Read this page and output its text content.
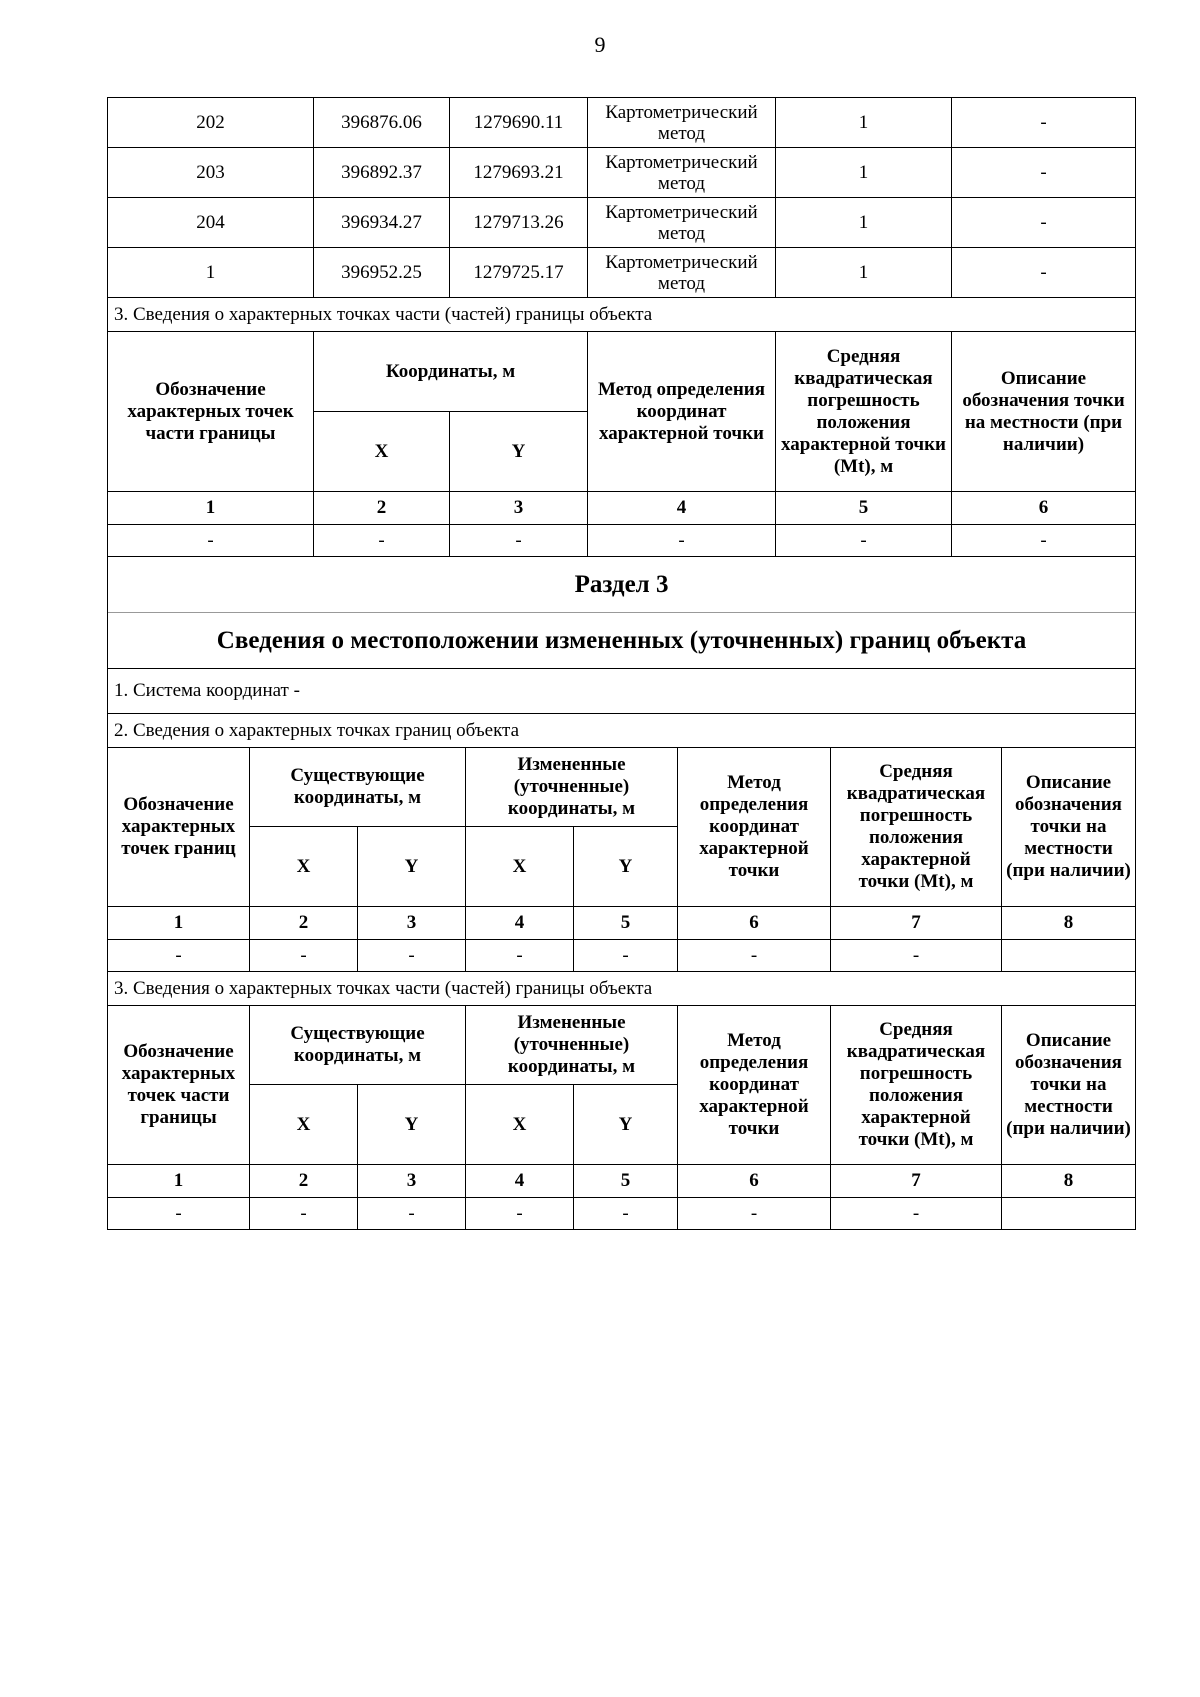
9
202	396876.06	1279690.11	Картометрический метод	1	-
203	396892.37	1279693.21	Картометрический метод	1	-
204	396934.27	1279713.26	Картометрический метод	1	-
1	396952.25	1279725.17	Картометрический метод	1	-
3. Сведения о характерных точках части (частей) границы объекта					
Обозначение характерных точек части границы	Координаты, м		Метод определения координат характерной точки	Средняя квадратическая погрешность положения характерной точки (Mt), м	Описание обозначения точки на местности (при наличии)
	X	Y			
1	2	3	4	5	6
-	-	-	-	-	-
Раздел 3							
Сведения о местоположении измененных (уточненных) границ объекта							
1. Система координат -							
2. Сведения о характерных точках границ объекта							
Обозначение характерных точек границ	Существующие координаты, м		Измененные (уточненные) координаты, м		Метод определения координат характерной точки	Средняя квадратическая погрешность положения характерной точки (Mt), м	Описание обозначения точки на местности (при наличии)
	X	Y	X	Y			
1	2	3	4	5	6	7	8
-	-	-	-	-	-	-	
3. Сведения о характерных точках части (частей) границы объекта							
Обозначение характерных точек части границы	Существующие координаты, м		Измененные (уточненные) координаты, м		Метод определения координат характерной точки	Средняя квадратическая погрешность положения характерной точки (Mt), м	Описание обозначения точки на местности (при наличии)
	X	Y	X	Y			
1	2	3	4	5	6	7	8
-	-	-	-	-	-	-	
